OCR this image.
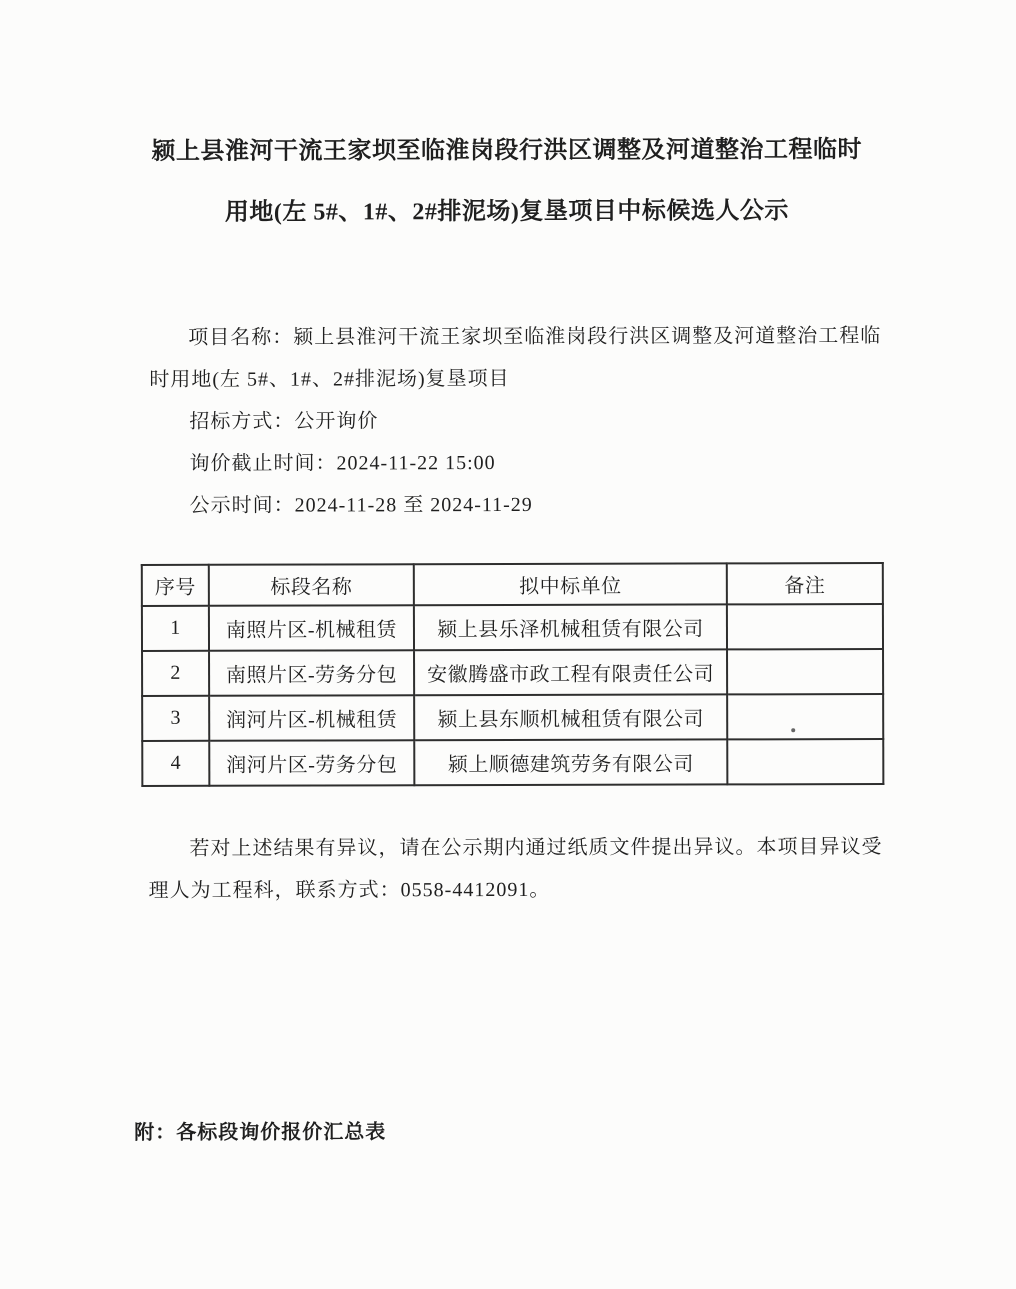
颍上县淮河干流王家坝至临淮岗段行洪区调整及河道整治工程临时
用地(左 5#、1#、2#排泥场)复垦项目中标候选人公示
项目名称：颍上县淮河干流王家坝至临淮岗段行洪区调整及河道整治工程临
时用地(左 5#、1#、2#排泥场)复垦项目
招标方式：公开询价
询价截止时间：2024-11-22 15:00
公示时间：2024-11-28 至 2024-11-29
序号	标段名称	拟中标单位	备注
1	南照片区-机械租赁	颍上县乐泽机械租赁有限公司	
2	南照片区-劳务分包	安徽腾盛市政工程有限责任公司	
3	润河片区-机械租赁	颍上县东顺机械租赁有限公司	
4	润河片区-劳务分包	颍上顺德建筑劳务有限公司	
若对上述结果有异议，请在公示期内通过纸质文件提出异议。本项目异议受
理人为工程科，联系方式：0558-4412091。
附：各标段询价报价汇总表
